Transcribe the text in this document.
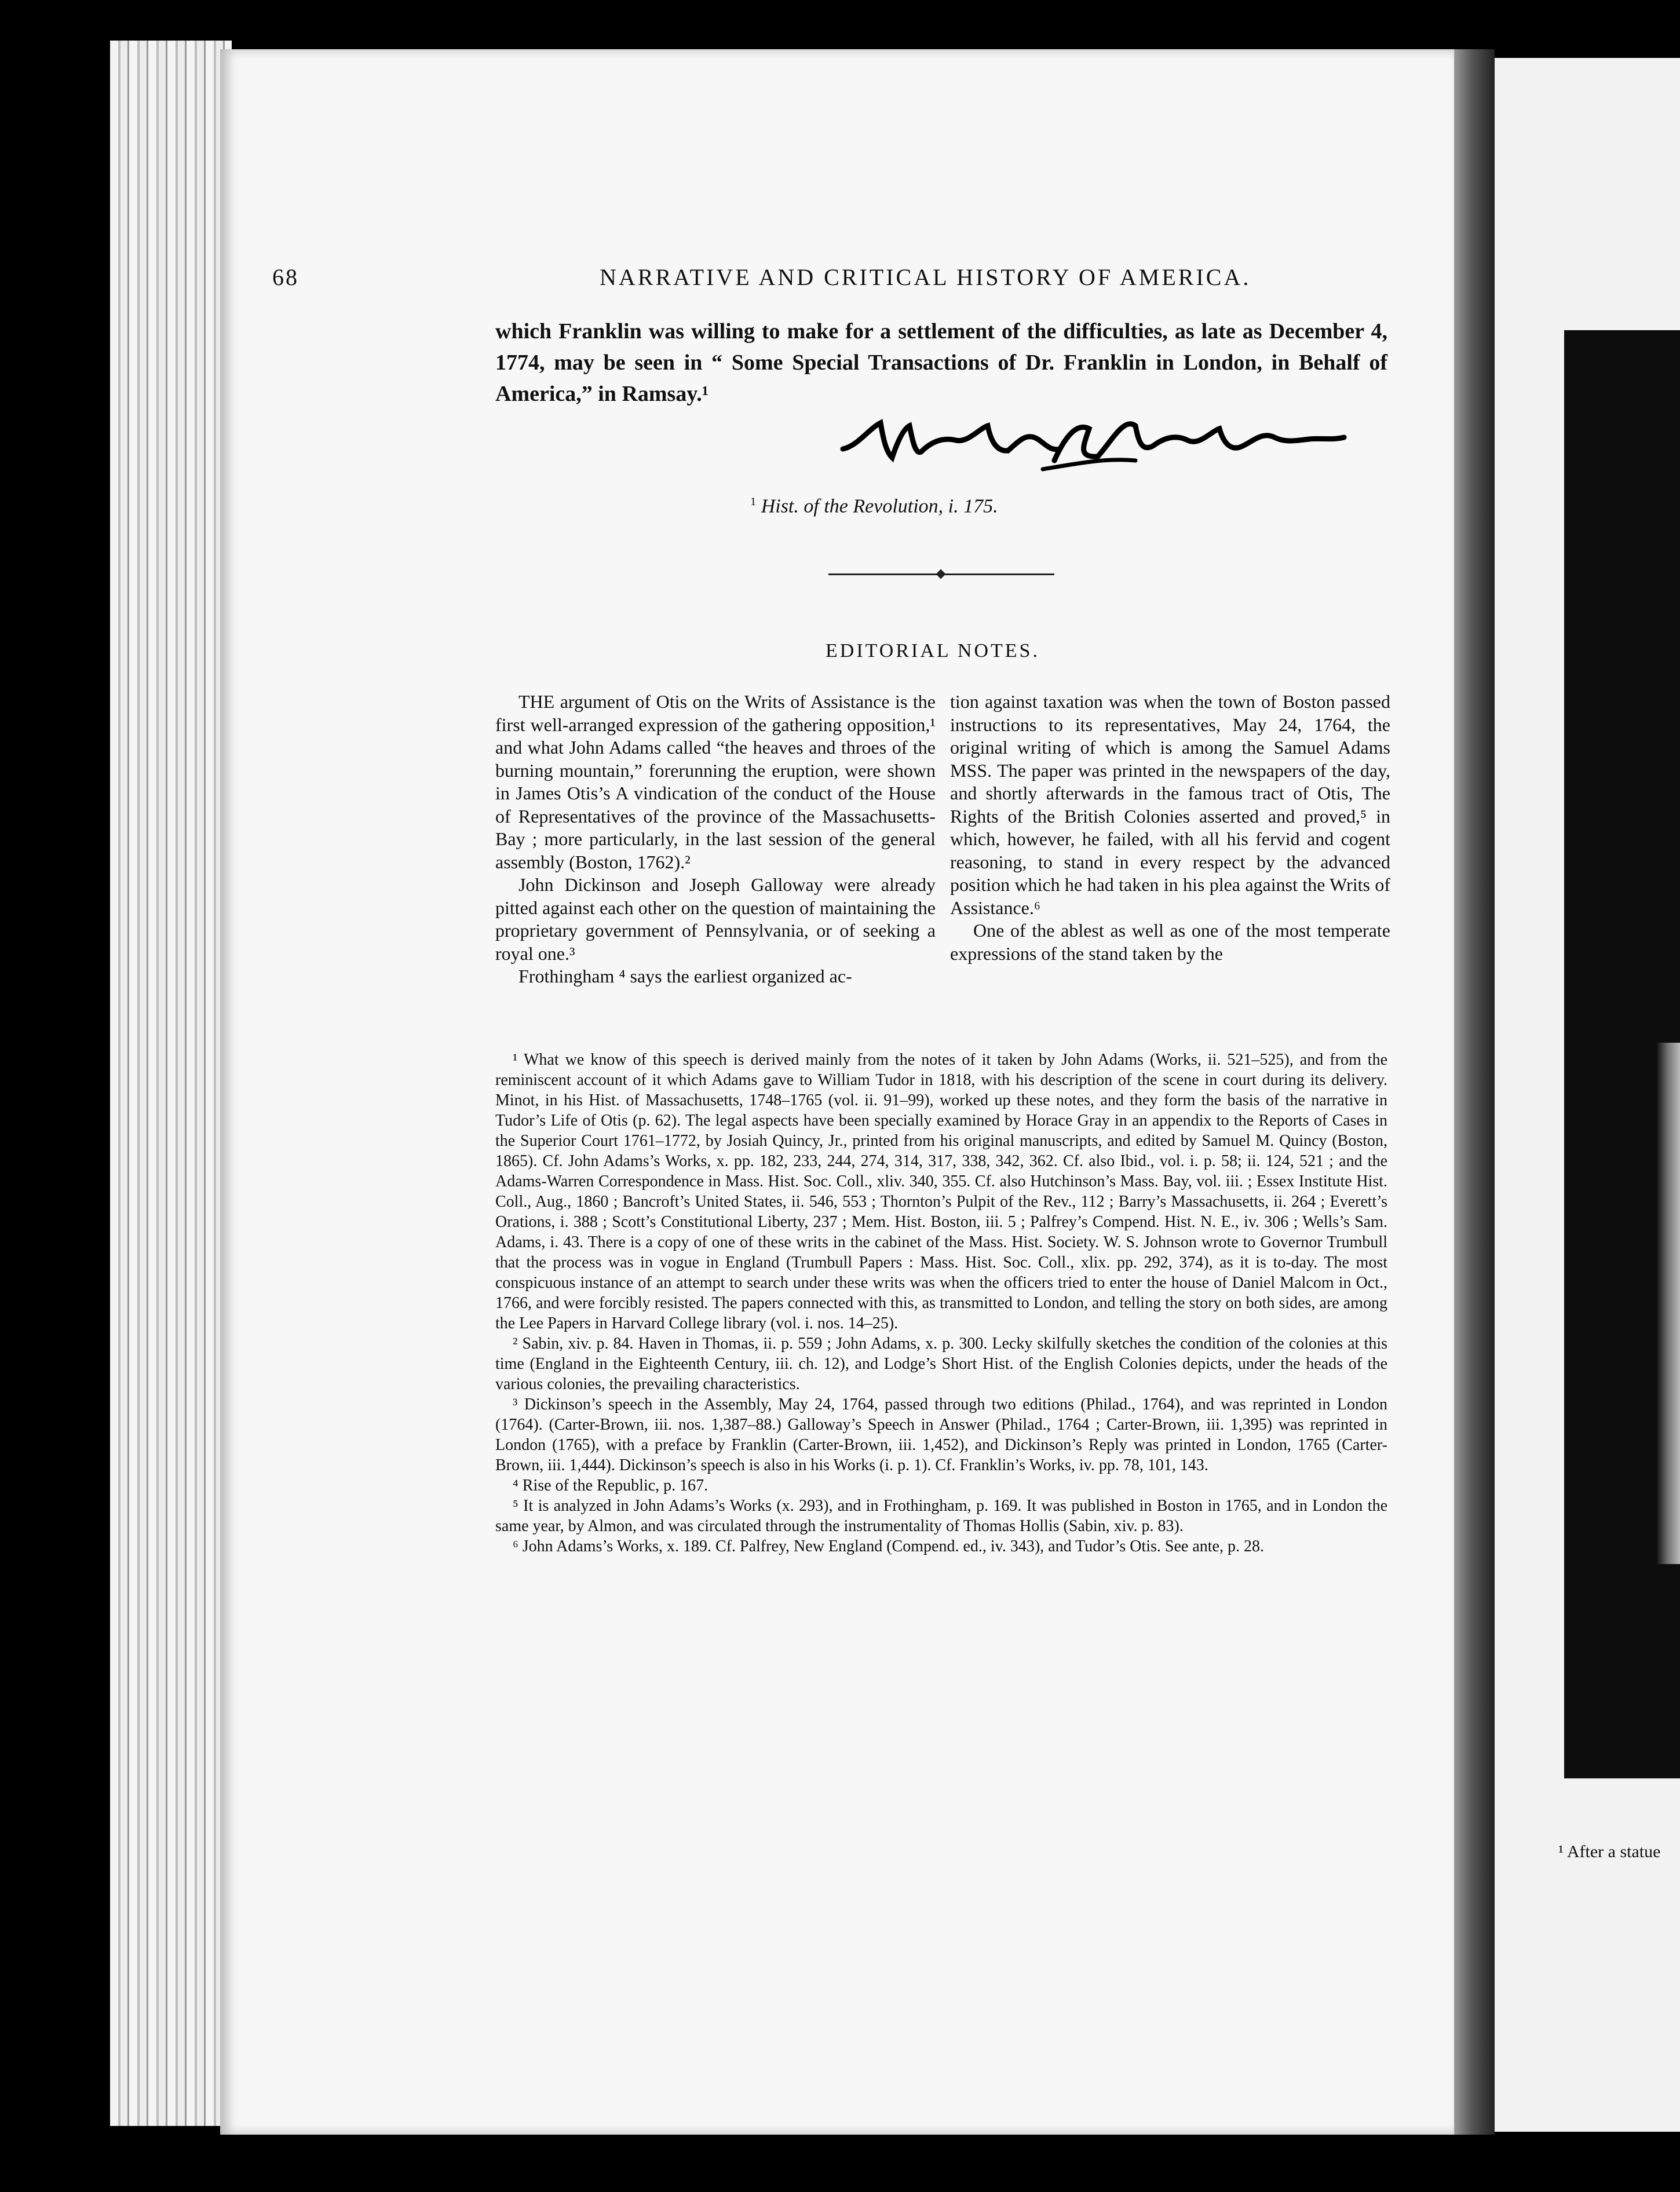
¹ After a statue
68	NARRATIVE AND CRITICAL HISTORY OF AMERICA.
which Franklin was willing to make for a settlement of the difficulties, as late as December 4, 1774, may be seen in “ Some Special Transactions of Dr. Franklin in London, in Behalf of America,” in Ramsay.¹
$^1$ Hist. of the Revolution, i. 175.
EDITORIAL NOTES.

THE argument of Otis on the Writs of Assistance is the first well-arranged expression of the gathering opposition,¹ and what John Adams called “the heaves and throes of the burning mountain,” forerunning the eruption, were shown in James Otis’s A vindication of the conduct of the House of Representatives of the province of the Massachusetts-Bay ; more particularly, in the last session of the general assembly (Boston, 1762).²

John Dickinson and Joseph Galloway were already pitted against each other on the question of maintaining the proprietary government of Pennsylvania, or of seeking a royal one.³

Frothingham ⁴ says the earliest organized ac-

tion against taxation was when the town of Boston passed instructions to its representatives, May 24, 1764, the original writing of which is among the Samuel Adams MSS. The paper was printed in the newspapers of the day, and shortly afterwards in the famous tract of Otis, The Rights of the British Colonies asserted and proved,⁵ in which, however, he failed, with all his fervid and cogent reasoning, to stand in every respect by the advanced position which he had taken in his plea against the Writs of Assistance.⁶

One of the ablest as well as one of the most temperate expressions of the stand taken by the

¹ What we know of this speech is derived mainly from the notes of it taken by John Adams (Works, ii. 521–525), and from the reminiscent account of it which Adams gave to William Tudor in 1818, with his description of the scene in court during its delivery. Minot, in his Hist. of Massachusetts, 1748–1765 (vol. ii. 91–99), worked up these notes, and they form the basis of the narrative in Tudor’s Life of Otis (p. 62). The legal aspects have been specially examined by Horace Gray in an appendix to the Reports of Cases in the Superior Court 1761–1772, by Josiah Quincy, Jr., printed from his original manuscripts, and edited by Samuel M. Quincy (Boston, 1865). Cf. John Adams’s Works, x. pp. 182, 233, 244, 274, 314, 317, 338, 342, 362. Cf. also Ibid., vol. i. p. 58; ii. 124, 521 ; and the Adams-Warren Correspondence in Mass. Hist. Soc. Coll., xliv. 340, 355. Cf. also Hutchinson’s Mass. Bay, vol. iii. ; Essex Institute Hist. Coll., Aug., 1860 ; Bancroft’s United States, ii. 546, 553 ; Thornton’s Pulpit of the Rev., 112 ; Barry’s Massachusetts, ii. 264 ; Everett’s Orations, i. 388 ; Scott’s Constitutional Liberty, 237 ; Mem. Hist. Boston, iii. 5 ; Palfrey’s Compend. Hist. N. E., iv. 306 ; Wells’s Sam. Adams, i. 43. There is a copy of one of these writs in the cabinet of the Mass. Hist. Society. W. S. Johnson wrote to Governor Trumbull that the process was in vogue in England (Trumbull Papers : Mass. Hist. Soc. Coll., xlix. pp. 292, 374), as it is to-day. The most conspicuous instance of an attempt to search under these writs was when the officers tried to enter the house of Daniel Malcom in Oct., 1766, and were forcibly resisted. The papers connected with this, as transmitted to London, and telling the story on both sides, are among the Lee Papers in Harvard College library (vol. i. nos. 14–25).

² Sabin, xiv. p. 84. Haven in Thomas, ii. p. 559 ; John Adams, x. p. 300. Lecky skilfully sketches the condition of the colonies at this time (England in the Eighteenth Century, iii. ch. 12), and Lodge’s Short Hist. of the English Colonies depicts, under the heads of the various colonies, the prevailing characteristics.

³ Dickinson’s speech in the Assembly, May 24, 1764, passed through two editions (Philad., 1764), and was reprinted in London (1764). (Carter-Brown, iii. nos. 1,387–88.) Galloway’s Speech in Answer (Philad., 1764 ; Carter-Brown, iii. 1,395) was reprinted in London (1765), with a preface by Franklin (Carter-Brown, iii. 1,452), and Dickinson’s Reply was printed in London, 1765 (Carter-Brown, iii. 1,444). Dickinson’s speech is also in his Works (i. p. 1). Cf. Franklin’s Works, iv. pp. 78, 101, 143.

⁴ Rise of the Republic, p. 167.

⁵ It is analyzed in John Adams’s Works (x. 293), and in Frothingham, p. 169. It was published in Boston in 1765, and in London the same year, by Almon, and was circulated through the instrumentality of Thomas Hollis (Sabin, xiv. p. 83).

⁶ John Adams’s Works, x. 189. Cf. Palfrey, New England (Compend. ed., iv. 343), and Tudor’s Otis. See ante, p. 28.
